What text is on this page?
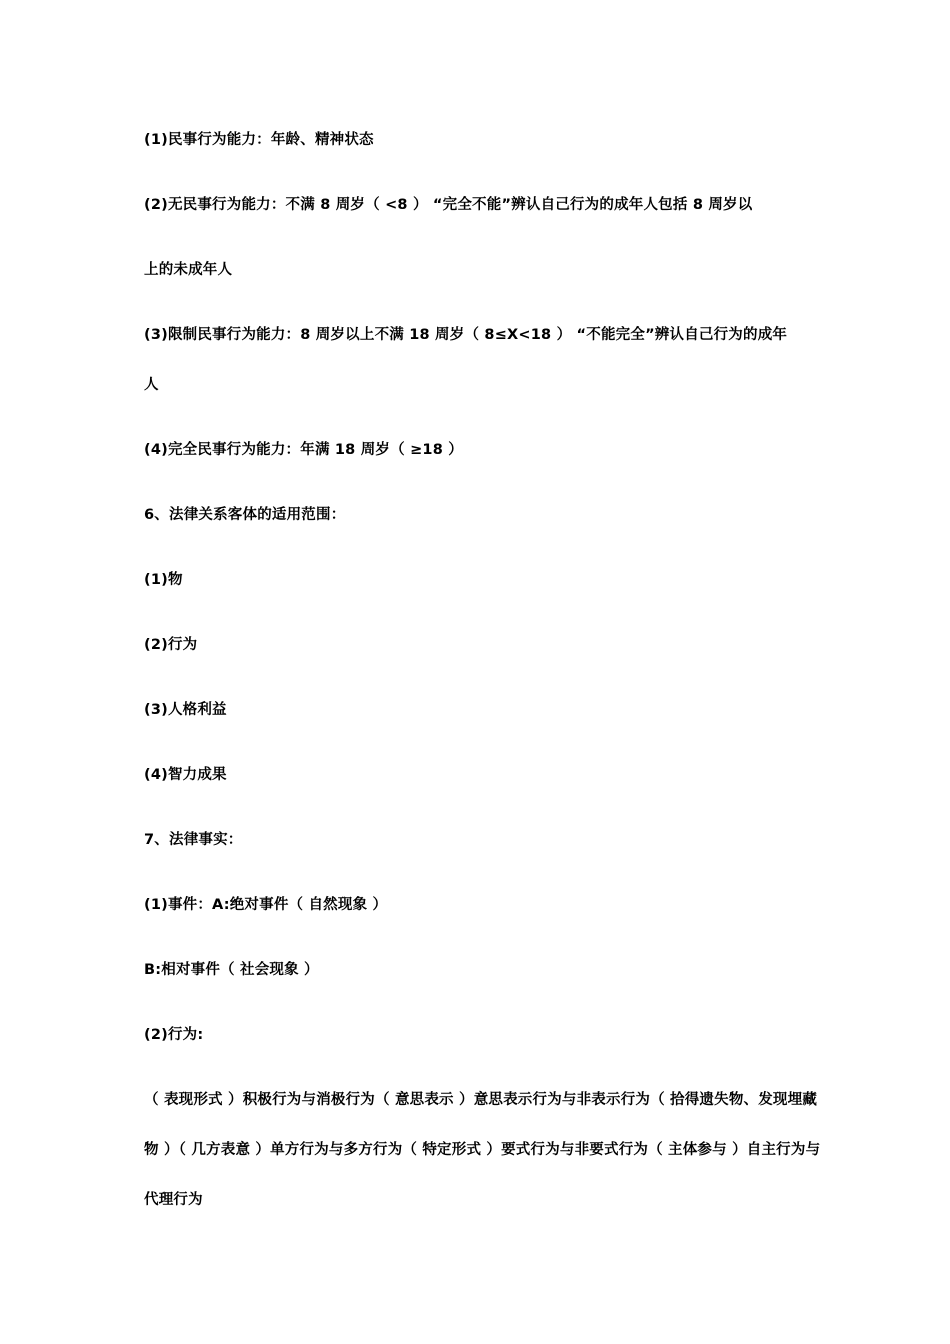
(1)民事行为能力：年龄、精神状态
(2)无民事行为能力：不满 8 周岁（ <8 ） “完全不能”辨认自己行为的成年人包括 8 周岁以
上的未成年人
(3)限制民事行为能力：8 周岁以上不满 18 周岁（ 8≤X<18 ） “不能完全”辨认自己行为的成年
人
(4)完全民事行为能力：年满 18 周岁（ ≥18 ）
6、法律关系客体的适用范围：
(1)物
(2)行为
(3)人格利益
(4)智力成果
7、法律事实：
(1)事件：A:绝对事件（ 自然现象 ）
B:相对事件（ 社会现象 ）
(2)行为:
（ 表现形式 ）积极行为与消极行为（ 意思表示 ）意思表示行为与非表示行为（ 拾得遗失物、发现埋藏
物 ）（ 几方表意 ）单方行为与多方行为（ 特定形式 ）要式行为与非要式行为（ 主体参与 ）自主行为与
代理行为
